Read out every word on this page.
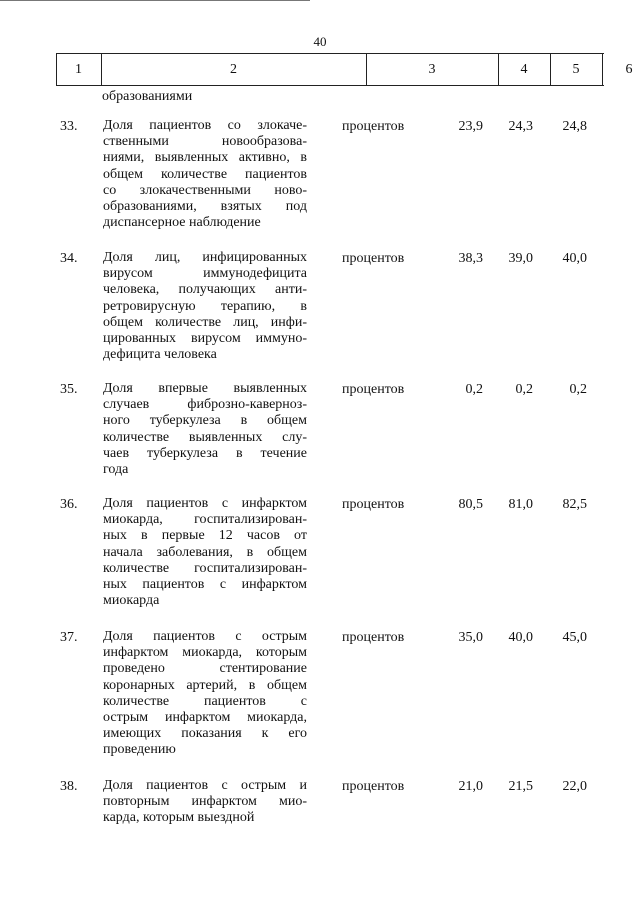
40
1	2	3	4	5	6
образованиями
33.	Доля пациентов со злокаче-
ственными новообразова-
ниями, выявленных активно, в
общем количестве пациентов
со злокачественными ново-
образованиями, взятых под
диспансерное наблюдение
процентов	23,9	24,3	24,8
34.	Доля лиц, инфицированных
вирусом иммунодефицита
человека, получающих анти-
ретровирусную терапию, в
общем количестве лиц, инфи-
цированных вирусом иммуно-
дефицита человека
процентов	38,3	39,0	40,0
35.	Доля впервые выявленных
случаев фиброзно-кавернoз-
ного туберкулеза в общем
количестве выявленных слу-
чаев туберкулеза в течение
года
процентов	0,2	0,2	0,2
36.	Доля пациентов с инфарктом
миокарда, госпитализирован-
ных в первые 12 часов от
начала заболевания, в общем
количестве госпитализирован-
ных пациентов с инфарктом
миокарда
процентов	80,5	81,0	82,5
37.	Доля пациентов с острым
инфарктом миокарда, которым
проведено стентирование
коронарных артерий, в общем
количестве пациентов с
острым инфарктом миокарда,
имеющих показания к его
проведению
процентов	35,0	40,0	45,0
38.	Доля пациентов с острым и
повторным инфарктом мио-
карда, которым выездной
процентов	21,0	21,5	22,0
